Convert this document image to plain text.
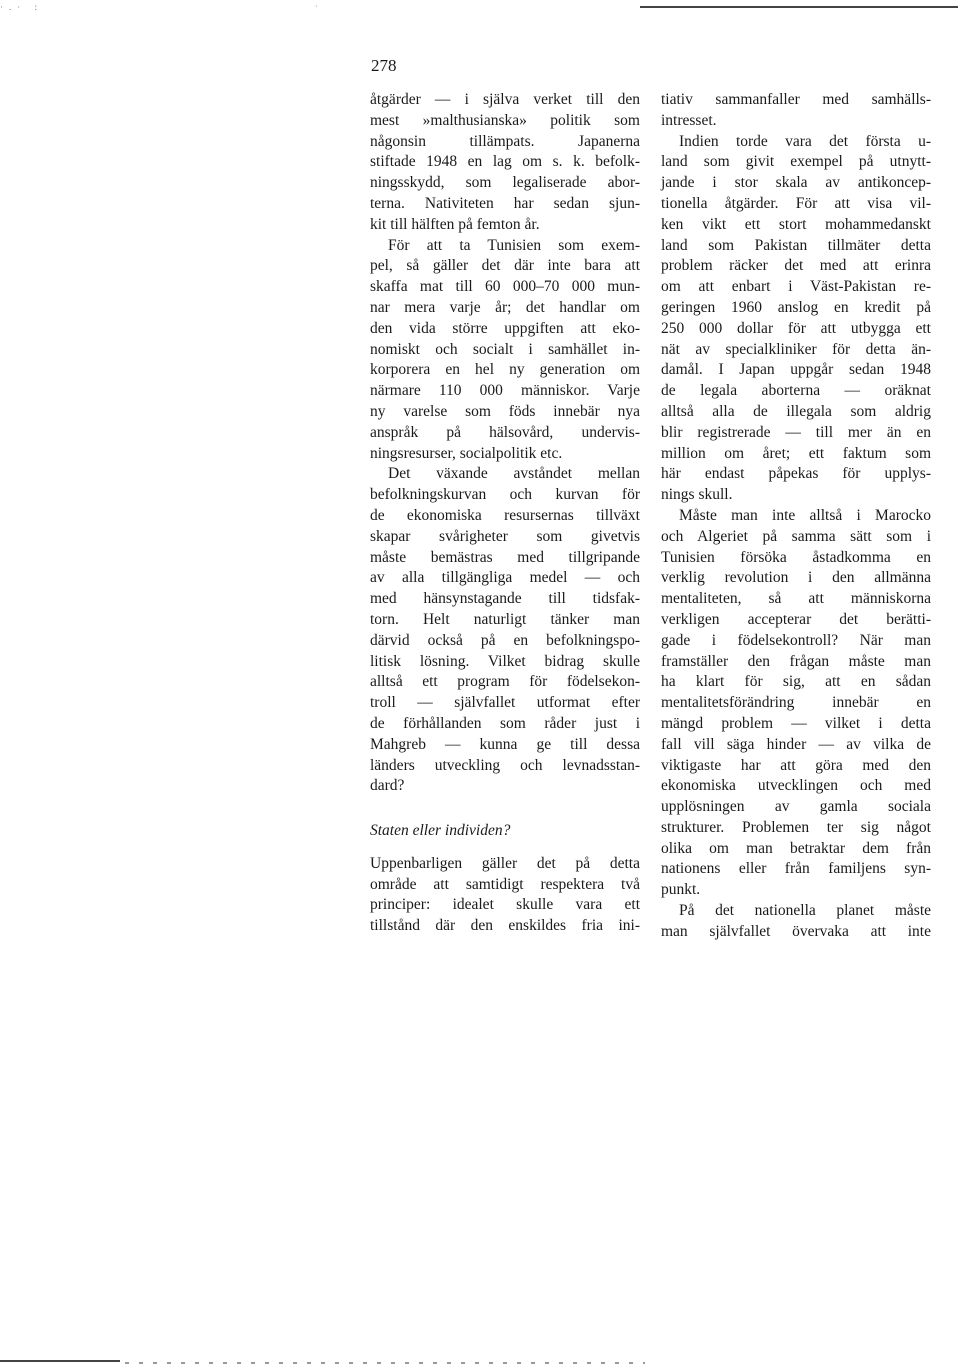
·.· :	·
278
åtgärder — i själva verket till den
mest »malthusianska» politik som
någonsin tillämpats. Japanerna
stiftade 1948 en lag om s. k. befolk-
ningsskydd, som legaliserade abor-
terna. Nativiteten har sedan sjun-
kit till hälften på femton år.
För att ta Tunisien som exem-
pel, så gäller det där inte bara att
skaffa mat till 60 000–70 000 mun-
nar mera varje år; det handlar om
den vida större uppgiften att eko-
nomiskt och socialt i samhället in-
korporera en hel ny generation om
närmare 110 000 människor. Varje
ny varelse som föds innebär nya
anspråk på hälsovård, undervis-
ningsresurser, socialpolitik etc.
Det växande avståndet mellan
befolkningskurvan och kurvan för
de ekonomiska resursernas tillväxt
skapar svårigheter som givetvis
måste bemästras med tillgripande
av alla tillgängliga medel — och
med hänsynstagande till tidsfak-
torn. Helt naturligt tänker man
därvid också på en befolkningspo-
litisk lösning. Vilket bidrag skulle
alltså ett program för födelsekon-
troll — självfallet utformat efter
de förhållanden som råder just i
Mahgreb — kunna ge till dessa
länders utveckling och levnadsstan-
dard?
Staten eller individen?
Uppenbarligen gäller det på detta
område att samtidigt respektera två
principer: idealet skulle vara ett
tillstånd där den enskildes fria ini-
tiativ sammanfaller med samhälls-
intresset.
Indien torde vara det första u-
land som givit exempel på utnytt-
jande i stor skala av antikoncep-
tionella åtgärder. För att visa vil-
ken vikt ett stort mohammedanskt
land som Pakistan tillmäter detta
problem räcker det med att erinra
om att enbart i Väst-Pakistan re-
geringen 1960 anslog en kredit på
250 000 dollar för att utbygga ett
nät av specialkliniker för detta än-
damål. I Japan uppgår sedan 1948
de legala aborterna — oräknat
alltså alla de illegala som aldrig
blir registrerade — till mer än en
million om året; ett faktum som
här endast påpekas för upplys-
nings skull.
Måste man inte alltså i Marocko
och Algeriet på samma sätt som i
Tunisien försöka åstadkomma en
verklig revolution i den allmänna
mentaliteten, så att människorna
verkligen accepterar det berätti-
gade i födelsekontroll? När man
framställer den frågan måste man
ha klart för sig, att en sådan
mentalitetsförändring innebär en
mängd problem — vilket i detta
fall vill säga hinder — av vilka de
viktigaste har att göra med den
ekonomiska utvecklingen och med
upplösningen av gamla sociala
strukturer. Problemen ter sig något
olika om man betraktar dem från
nationens eller från familjens syn-
punkt.
På det nationella planet måste
man självfallet övervaka att inte
